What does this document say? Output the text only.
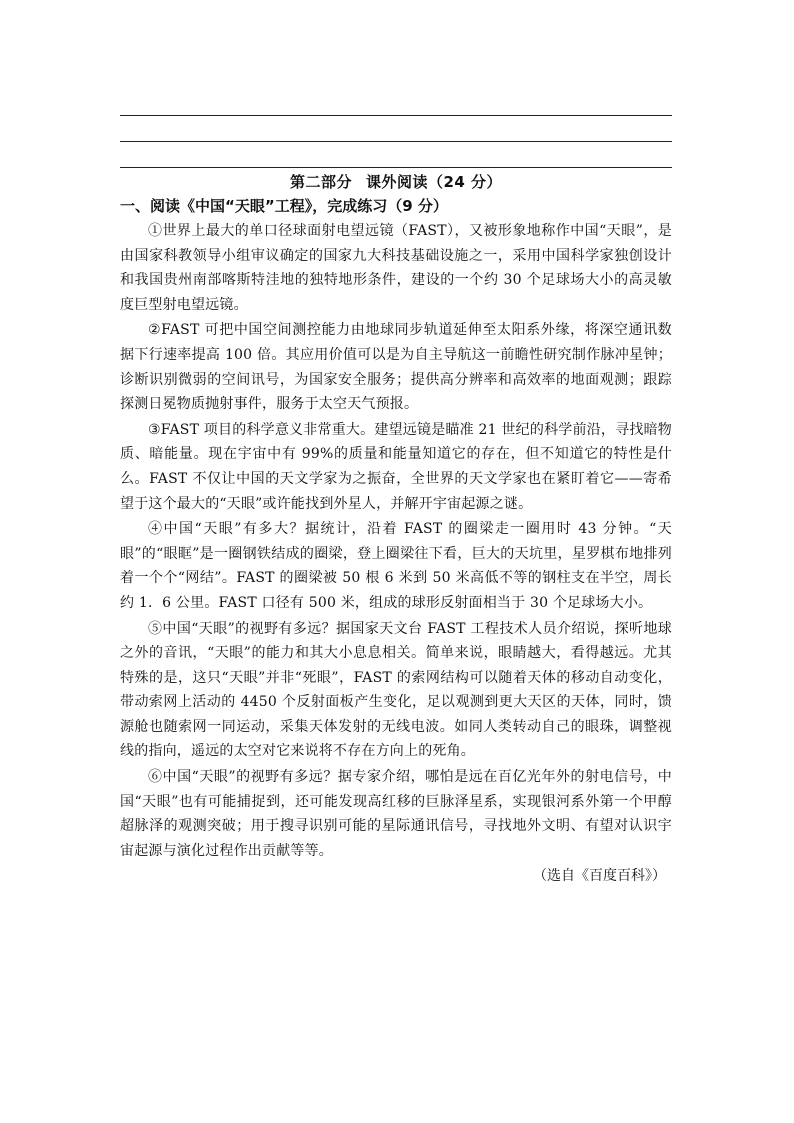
第二部分 课外阅读（24 分）
一、阅读《中国“天眼”工程》，完成练习（9 分）

①世界上最大的单口径球面射电望远镜（FAST），又被形象地称作中国“天眼”，是由国家科教领导小组审议确定的国家九大科技基础设施之一，采用中国科学家独创设计和我国贵州南部喀斯特洼地的独特地形条件，建设的一个约 30 个足球场大小的高灵敏度巨型射电望远镜。

②FAST 可把中国空间测控能力由地球同步轨道延伸至太阳系外缘，将深空通讯数据下行速率提高 100 倍。其应用价值可以是为自主导航这一前瞻性研究制作脉冲星钟；诊断识别微弱的空间讯号，为国家安全服务；提供高分辨率和高效率的地面观测；跟踪探测日冕物质抛射事件，服务于太空天气预报。

③FAST 项目的科学意义非常重大。建望远镜是瞄准 21 世纪的科学前沿，寻找暗物质、暗能量。现在宇宙中有 99%的质量和能量知道它的存在，但不知道它的特性是什么。FAST 不仅让中国的天文学家为之振奋，全世界的天文学家也在紧盯着它——寄希望于这个最大的“天眼”或许能找到外星人，并解开宇宙起源之谜。

④中国“天眼”有多大？据统计，沿着 FAST 的圈梁走一圈用时 43 分钟。“天眼”的“眼眶”是一圈钢铁结成的圈梁，登上圈梁往下看，巨大的天坑里，星罗棋布地排列着一个个“网结”。FAST 的圈梁被 50 根 6 米到 50 米高低不等的钢柱支在半空，周长约 1．6 公里。FAST 口径有 500 米，组成的球形反射面相当于 30 个足球场大小。

⑤中国“天眼”的视野有多远？据国家天文台 FAST 工程技术人员介绍说，探听地球之外的音讯，“天眼”的能力和其大小息息相关。简单来说，眼睛越大，看得越远。尤其特殊的是，这只“天眼”并非“死眼”，FAST 的索网结构可以随着天体的移动自动变化，带动索网上活动的 4450 个反射面板产生变化，足以观测到更大天区的天体，同时，馈源舱也随索网一同运动，采集天体发射的无线电波。如同人类转动自己的眼珠，调整视线的指向，遥远的太空对它来说将不存在方向上的死角。

⑥中国“天眼”的视野有多远？据专家介绍，哪怕是远在百亿光年外的射电信号，中国“天眼”也有可能捕捉到，还可能发现高红移的巨脉泽星系，实现银河系外第一个甲醇超脉泽的观测突破；用于搜寻识别可能的星际通讯信号，寻找地外文明、有望对认识宇宙起源与演化过程作出贡献等等。

（选自《百度百科》）
